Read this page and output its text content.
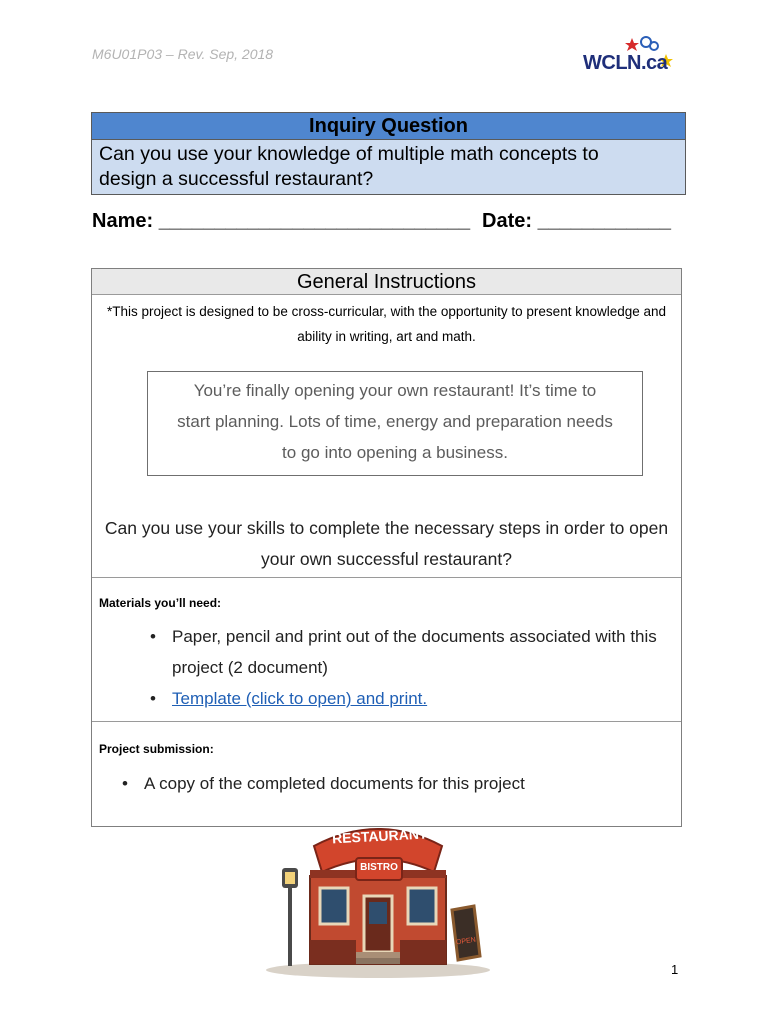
M6U01P03 – Rev. Sep, 2018	WCLN.ca
Inquiry Question
Can you use your knowledge of multiple math concepts to
design a successful restaurant?
Name: ____________________________ Date: ____________
General Instructions
*This project is designed to be cross-curricular, with the opportunity to present knowledge and
ability in writing, art and math.
You’re finally opening your own restaurant! It’s time to
start planning. Lots of time, energy and preparation needs
to go into opening a business.
Can you use your skills to complete the necessary steps in order to open
your own successful restaurant?
Materials you’ll need:
• Paper, pencil and print out of the documents associated with this
project (2 document)
• Template (click to open) and print.
Project submission:
• A copy of the completed documents for this project
RESTAURANT
BISTRO
OPEN
1
